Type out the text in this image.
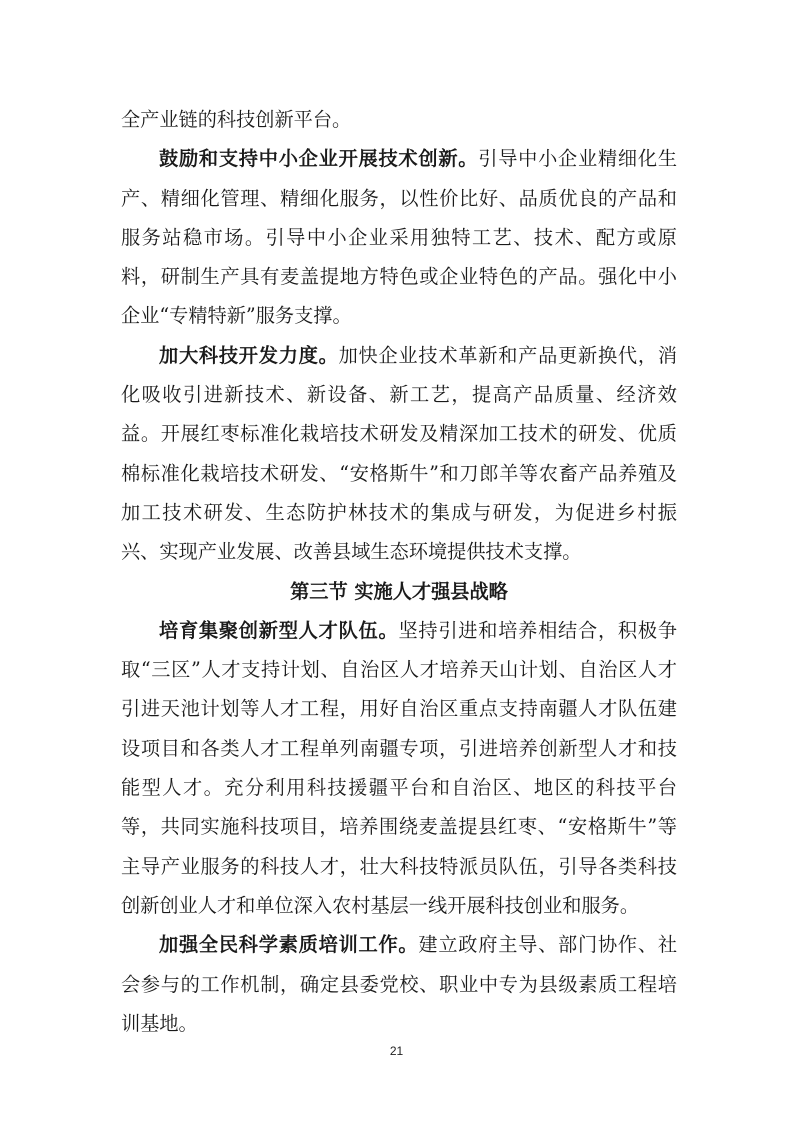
全产业链的科技创新平台。

鼓励和支持中小企业开展技术创新。引导中小企业精细化生产、精细化管理、精细化服务，以性价比好、品质优良的产品和服务站稳市场。引导中小企业采用独特工艺、技术、配方或原料，研制生产具有麦盖提地方特色或企业特色的产品。强化中小企业“专精特新”服务支撑。

加大科技开发力度。加快企业技术革新和产品更新换代，消化吸收引进新技术、新设备、新工艺，提高产品质量、经济效益。开展红枣标准化栽培技术研发及精深加工技术的研发、优质棉标准化栽培技术研发、“安格斯牛”和刀郎羊等农畜产品养殖及加工技术研发、生态防护林技术的集成与研发，为促进乡村振兴、实现产业发展、改善县域生态环境提供技术支撑。

第三节 实施人才强县战略

培育集聚创新型人才队伍。坚持引进和培养相结合，积极争取“三区”人才支持计划、自治区人才培养天山计划、自治区人才引进天池计划等人才工程，用好自治区重点支持南疆人才队伍建设项目和各类人才工程单列南疆专项，引进培养创新型人才和技能型人才。充分利用科技援疆平台和自治区、地区的科技平台等，共同实施科技项目，培养围绕麦盖提县红枣、“安格斯牛”等主导产业服务的科技人才，壮大科技特派员队伍，引导各类科技创新创业人才和单位深入农村基层一线开展科技创业和服务。

加强全民科学素质培训工作。建立政府主导、部门协作、社会参与的工作机制，确定县委党校、职业中专为县级素质工程培训基地。

21
